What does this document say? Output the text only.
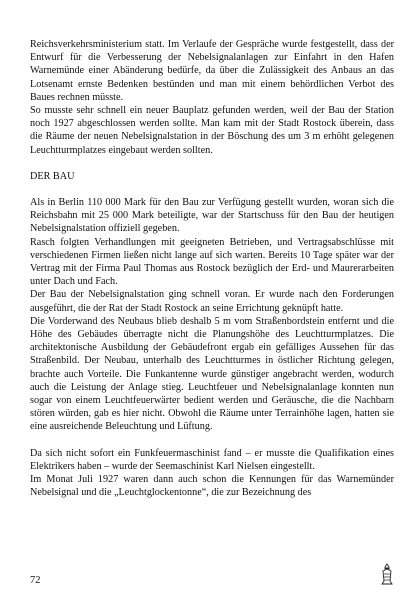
Reichsverkehrsministerium statt. Im Verlaufe der Gespräche wurde festgestellt, dass der Entwurf für die Verbesserung der Nebelsignalanlagen zur Einfahrt in den Hafen Warnemünde einer Abänderung bedürfe, da über die Zulässigkeit des Anbaus an das Lotsenamt ernste Bedenken bestünden und man mit einem behördlichen Verbot des Baues rechnen müsste.

So musste sehr schnell ein neuer Bauplatz gefunden werden, weil der Bau der Station noch 1927 abgeschlossen werden sollte. Man kam mit der Stadt Rostock überein, dass die Räume der neuen Nebelsignalstation in der Böschung des um 3 m erhöht gelegenen Leuchtturmplatzes eingebaut werden sollten.

DER BAU

Als in Berlin 110 000 Mark für den Bau zur Verfügung gestellt wurden, woran sich die Reichsbahn mit 25 000 Mark beteiligte, war der Startschuss für den Bau der heutigen Nebelsignalstation offiziell gegeben.

Rasch folgten Verhandlungen mit geeigneten Betrieben, und Vertragsabschlüsse mit verschiedenen Firmen ließen nicht lange auf sich warten. Bereits 10 Tage später war der Vertrag mit der Firma Paul Thomas aus Rostock bezüglich der Erd- und Maurerarbeiten unter Dach und Fach.

Der Bau der Nebelsignalstation ging schnell voran. Er wurde nach den Forderungen ausgeführt, die der Rat der Stadt Rostock an seine Errichtung geknüpft hatte.

Die Vorderwand des Neubaus blieb deshalb 5 m vom Straßenbordstein entfernt und die Höhe des Gebäudes überragte nicht die Planungshöhe des Leuchtturmplatzes. Die architektonische Ausbildung der Gebäudefront ergab ein gefälliges Aussehen für das Straßenbild. Der Neubau, unterhalb des Leuchtturmes in östlicher Richtung gelegen, brachte auch Vorteile. Die Funkantenne wurde günstiger angebracht werden, wodurch auch die Leistung der Anlage stieg. Leuchtfeuer und Nebelsignalanlage konnten nun sogar von einem Leuchtfeuerwärter bedient werden und Geräusche, die die Nachbarn stören würden, gab es hier nicht. Obwohl die Räume unter Terrainhöhe lagen, hatten sie eine ausreichende Beleuchtung und Lüftung.

Da sich nicht sofort ein Funkfeuermaschinist fand – er musste die Qualifikation eines Elektrikers haben – wurde der Seemaschinist Karl Nielsen eingestellt.

Im Monat Juli 1927 waren dann auch schon die Kennungen für das Warnemünder Nebelsignal und die „Leuchtglockentonne“, die zur Bezeichnung des

72
